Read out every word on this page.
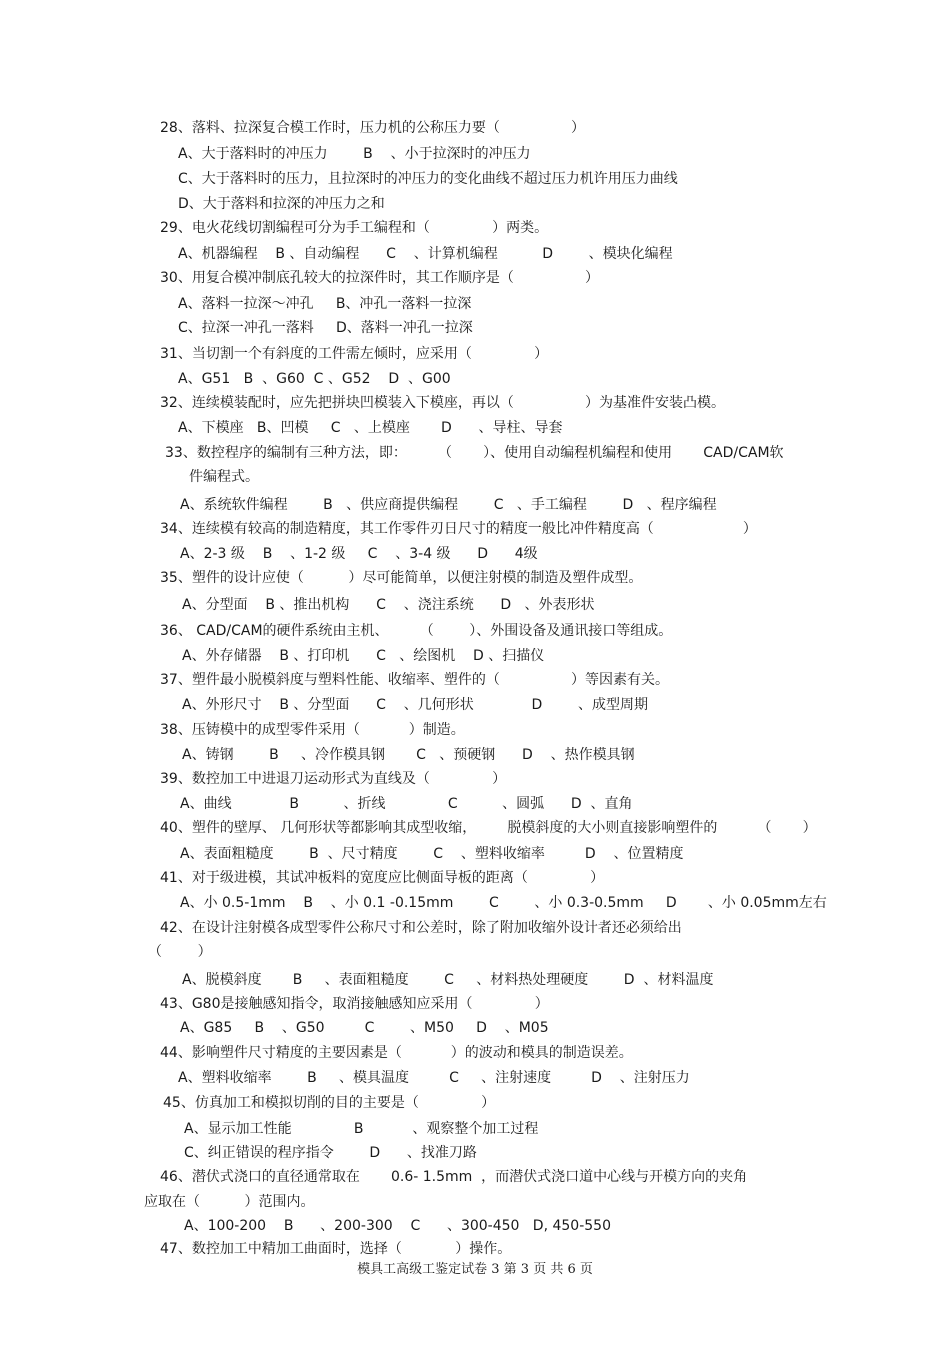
28、落料、拉深复合模工作时，压力机的公称压力要（                ）
A、大于落料时的冲压力        B    、小于拉深时的冲压力
C、大于落料时的压力，且拉深时的冲压力的变化曲线不超过压力机许用压力曲线
D、大于落料和拉深的冲压力之和
29、电火花线切割编程可分为手工编程和（              ）两类。
A、机器编程    B 、自动编程      C    、计算机编程          D        、模块化编程
30、用复合模冲制底孔较大的拉深件时，其工作顺序是（                ）
A、落料一拉深～冲孔     B、冲孔一落料一拉深
C、拉深一冲孔一落料     D、落料一冲孔一拉深
31、当切割一个有斜度的工件需左倾时，应采用（              ）
A、G51   B  、G60  C 、G52    D  、G00
32、连续模装配时，应先把拼块凹模装入下模座，再以（                ）为基准件安装凸模。
A、下模座   B、凹模     C   、上模座       D      、导柱、导套
33、数控程序的编制有三种方法，即：       （       ）、使用自动编程机编程和使用       CAD/CAM软
件编程式。
A、系统软件编程        B   、供应商提供编程        C   、手工编程        D   、程序编程
34、连续模有较高的制造精度，其工作零件刃日尺寸的精度一般比冲件精度高（                    ）
A、2-3 级    B    、1-2 级     C    、3-4 级      D      4级
35、塑件的设计应使（          ）尽可能简单，以便注射模的制造及塑件成型。
A、分型面    B 、推出机构      C    、浇注系统      D   、外表形状
36、 CAD/CAM的硬件系统由主机、       （        ）、外围设备及通讯接口等组成。
A、外存储器    B 、打印机      C   、绘图机    D 、扫描仪
37、塑件最小脱模斜度与塑料性能、收缩率、塑件的（                ）等因素有关。
A、外形尺寸    B 、分型面      C    、几何形状             D        、成型周期
38、压铸模中的成型零件采用（           ）制造。
A、铸钢        B     、冷作模具钢       C   、预硬钢      D    、热作模具钢
39、数控加工中进退刀运动形式为直线及（              ）
A、曲线             B          、折线              C          、圆弧      D  、直角
40、塑件的壁厚、 几何形状等都影响其成型收缩，       脱模斜度的大小则直接影响塑件的         （       ）
A、表面粗糙度        B  、尺寸精度        C    、塑料收缩率         D    、位置精度
41、对于级进模，其试冲板料的宽度应比侧面导板的距离（              ）
A、小 0.5-1mm    B    、小 0.1 -0.15mm        C        、小 0.3-0.5mm     D       、小 0.05mm左右
42、在设计注射模各成型零件公称尺寸和公差时，除了附加收缩外设计者还必须给出
（        ）
A、脱模斜度       B     、表面粗糙度        C     、材料热处理硬度        D  、材料温度
43、G80是接触感知指令，取消接触感知应采用（              ）
A、G85     B    、G50         C        、M50     D    、M05
44、影响塑件尺寸精度的主要因素是（           ）的波动和模具的制造误差。
A、塑料收缩率        B     、模具温度         C     、注射速度         D    、注射压力
45、仿真加工和模拟切削的目的主要是（              ）
A、显示加工性能              B           、观察整个加工过程
C、纠正错误的程序指令        D      、找准刀路
46、潜伏式浇口的直径通常取在       0.6- 1.5mm  ，而潜伏式浇口道中心线与开模方向的夹角
应取在（          ）范围内。
A、100-200    B      、200-300    C      、300-450   D, 450-550
47、数控加工中精加工曲面时，选择（            ）操作。
模具工高级工鉴定试卷 3 第 3 页 共 6 页
